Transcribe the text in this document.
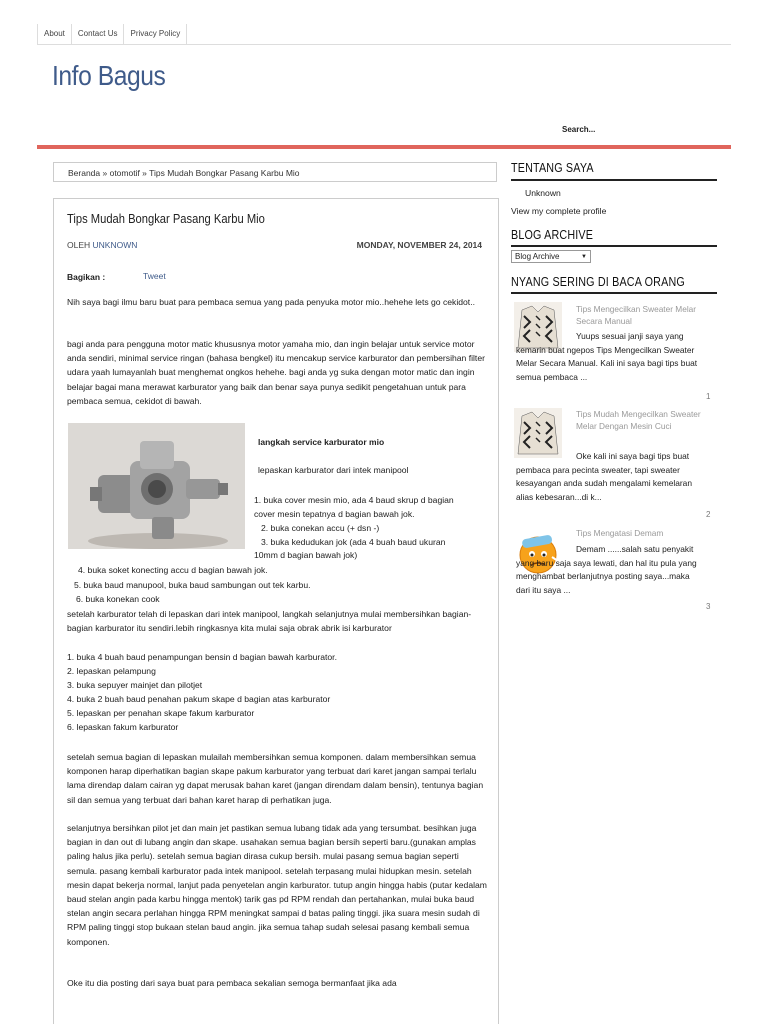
About	Contact Us	Privacy Policy
Info Bagus
Search...
Beranda » otomotif » Tips Mudah Bongkar Pasang Karbu Mio
Tips Mudah Bongkar Pasang Karbu Mio
OLEH UNKNOWN	MONDAY, NOVEMBER 24, 2014
Bagikan :	Tweet

Nih saya bagi ilmu baru buat para pembaca semua yang pada penyuka motor mio..hehehe lets go cekidot..

bagi anda para pengguna motor matic khususnya motor yamaha mio, dan ingin belajar untuk service motor anda sendiri, minimal service ringan (bahasa bengkel) itu mencakup service karburator dan pembersihan filter udara yaah lumayanlah buat menghemat ongkos hehehe. bagi anda yg suka dengan motor matic dan ingin belajar bagai mana merawat karburator yang baik dan benar saya punya sedikit pengetahuan untuk para pembaca semua, cekidot di bawah.

langkah service karburator mio
lepaskan karburator dari intek manipool
1. buka cover mesin mio, ada 4 baud skrup d bagian
cover mesin tepatnya d bagian bawah jok.
2. buka conekan accu (+ dsn -)
3. buka kedudukan jok (ada 4 buah baud ukuran
10mm d bagian bawah jok)
4. buka soket konecting accu d bagian bawah jok.
5. buka baud manupool, buka baud sambungan out tek karbu.
6. buka konekan cook

setelah karburator telah di lepaskan dari intek manipool, langkah selanjutnya mulai membersihkan bagian-bagian karburator itu sendiri.lebih ringkasnya kita mulai saja obrak abrik isi karburator

1. buka 4 buah baud penampungan bensin d bagian bawah karburator.
2. lepaskan pelampung
3. buka sepuyer mainjet dan pilotjet
4. buka 2 buah baud penahan pakum skape d bagian atas karburator
5. lepaskan per penahan skape fakum karburator
6. lepaskan fakum karburator

setelah semua bagian di lepaskan mulailah membersihkan semua komponen. dalam membersihkan semua komponen harap diperhatikan bagian skape pakum karburator yang terbuat dari karet jangan sampai terlalu lama direndap dalam cairan yg dapat merusak bahan karet (jangan direndam dalam bensin), tentunya bagian sil dan semua yang terbuat dari bahan karet harap di perhatikan juga.

selanjutnya bersihkan pilot jet dan main jet pastikan semua lubang tidak ada yang tersumbat. besihkan juga bagian in dan out di lubang angin dan skape. usahakan semua bagian bersih seperti baru.(gunakan amplas paling halus jika perlu). setelah semua bagian dirasa cukup bersih. mulai pasang semua bagian seperti semula. pasang kembali karburator pada intek manipool. setelah terpasang mulai hidupkan mesin. setelah mesin dapat bekerja normal, lanjut pada penyetelan angin karburator. tutup angin hingga habis (putar kedalam baud stelan angin pada karbu hingga mentok) tarik gas pd RPM rendah dan pertahankan, mulai buka baud stelan angin secara perlahan hingga RPM meningkat sampai d batas paling tinggi. jika suara mesin sudah di RPM paling tinggi stop bukaan stelan baud angin. jika semua tahap sudah selesai pasang kembali semua komponen.

Oke itu dia posting dari saya buat para pembaca sekalian semoga bermanfaat jika ada

TENTANG SAYA
Unknown
View my complete profile
BLOG ARCHIVE
Blog Archive	▼
NYANG SERING DI BACA ORANG
Tips Mengecilkan Sweater Melar Secara Manual
Yuups sesuai janji saya yang kemarin buat ngepos Tips Mengecilkan Sweater Melar Secara Manual. Kali ini saya bagi tips buat semua pembaca ...
1
Tips Mudah Mengecilkan Sweater Melar Dengan Mesin Cuci
Oke kali ini saya bagi tips buat pembaca para pecinta sweater, tapi sweater kesayangan anda sudah mengalami kemelaran alias kebesaran...di k...
2
Tips Mengatasi Demam
Demam ......salah satu penyakit yang baru saja saya lewati, dan hal itu pula yang menghambat berlanjutnya posting saya...maka dari itu saya ...
3
